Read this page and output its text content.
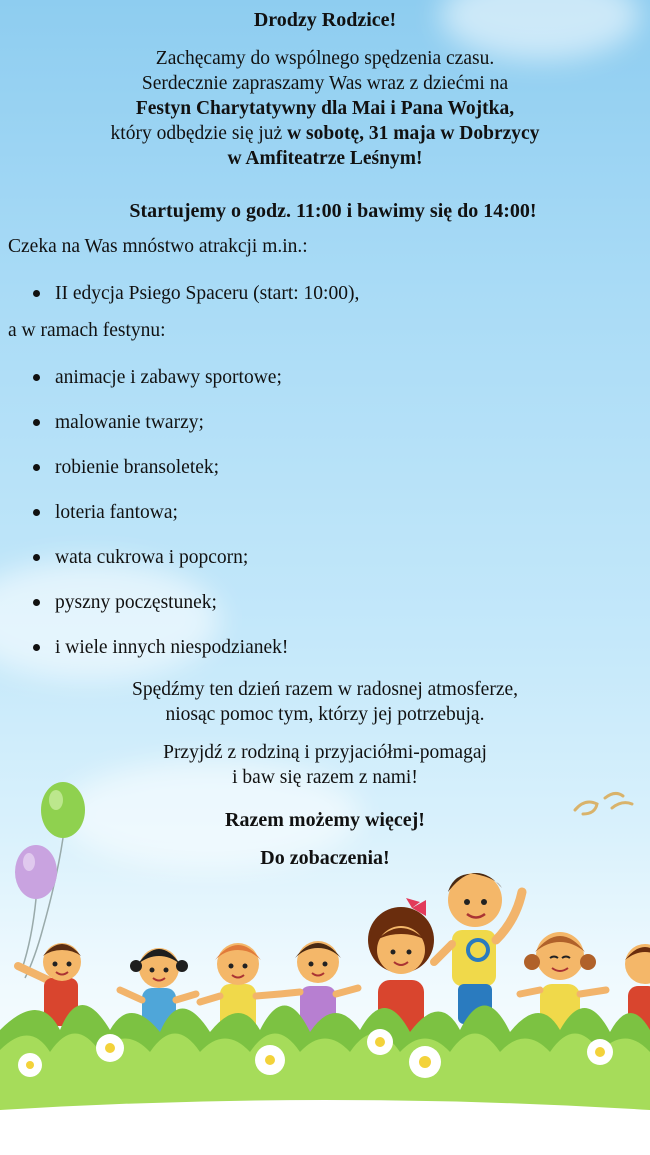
Drodzy Rodzice!

Zachęcamy do wspólnego spędzenia czasu.

Serdecznie zapraszamy Was wraz z dziećmi na

Festyn Charytatywny dla Mai i Pana Wojtka,

który odbędzie się już w sobotę, 31 maja w Dobrzycy

w Amfiteatrze Leśnym!

Startujemy o godz. 11:00 i bawimy się do 14:00!
Czeka na Was mnóstwo atrakcji m.in.:
II edycja Psiego Spaceru (start: 10:00),
a w ramach festynu:
animacje i zabawy sportowe;
malowanie twarzy;
robienie bransoletek;
loteria fantowa;
wata cukrowa i popcorn;
pyszny poczęstunek;
i wiele innych niespodzianek!

Spędźmy ten dzień razem w radosnej atmosferze,

niosąc pomoc tym, którzy jej potrzebują.

Przyjdź z rodziną i przyjaciółmi-pomagaj

i baw się razem z nami!

Razem możemy więcej!
Do zobaczenia!
